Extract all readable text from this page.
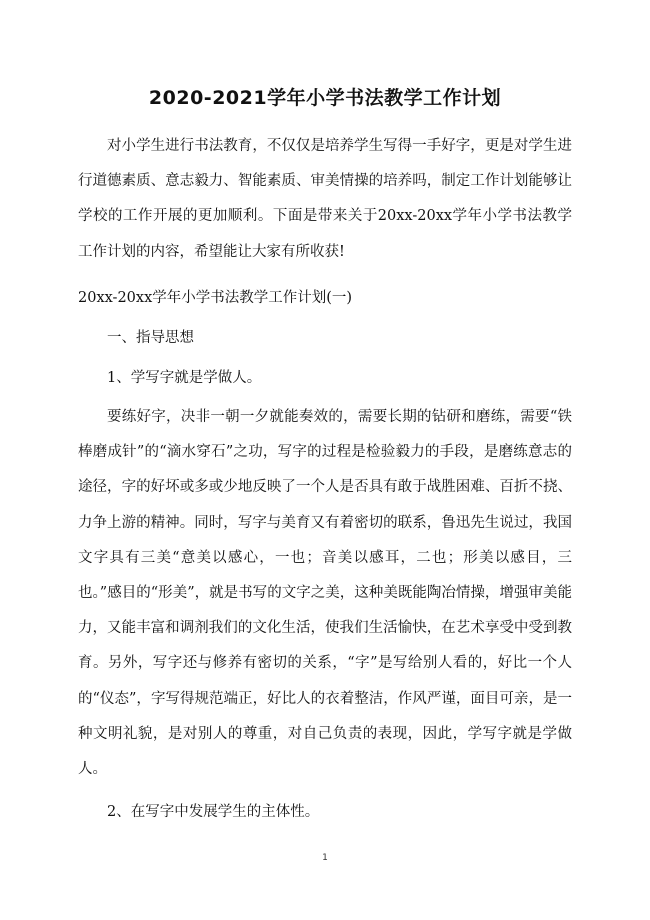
2020-2021学年小学书法教学工作计划

对小学生进行书法教育，不仅仅是培养学生写得一手好字，更是对学生进行道德素质、意志毅力、智能素质、审美情操的培养吗，制定工作计划能够让学校的工作开展的更加顺利。下面是带来关于20xx-20xx学年小学书法教学工作计划的内容，希望能让大家有所收获!

20xx-20xx学年小学书法教学工作计划(一)

一、指导思想

1、学写字就是学做人。

要练好字，决非一朝一夕就能奏效的，需要长期的钻研和磨练，需要“铁棒磨成针”的“滴水穿石”之功，写字的过程是检验毅力的手段，是磨练意志的途径，字的好坏或多或少地反映了一个人是否具有敢于战胜困难、百折不挠、力争上游的精神。同时，写字与美育又有着密切的联系，鲁迅先生说过，我国文字具有三美“意美以感心，一也；音美以感耳，二也；形美以感目，三也。”感目的“形美”，就是书写的文字之美，这种美既能陶冶情操，增强审美能力，又能丰富和调剂我们的文化生活，使我们生活愉快，在艺术享受中受到教育。另外，写字还与修养有密切的关系，“字”是写给别人看的，好比一个人的“仪态”，字写得规范端正，好比人的衣着整洁，作风严谨，面目可亲，是一种文明礼貌，是对别人的尊重，对自己负责的表现，因此，学写字就是学做人。

2、在写字中发展学生的主体性。

1
